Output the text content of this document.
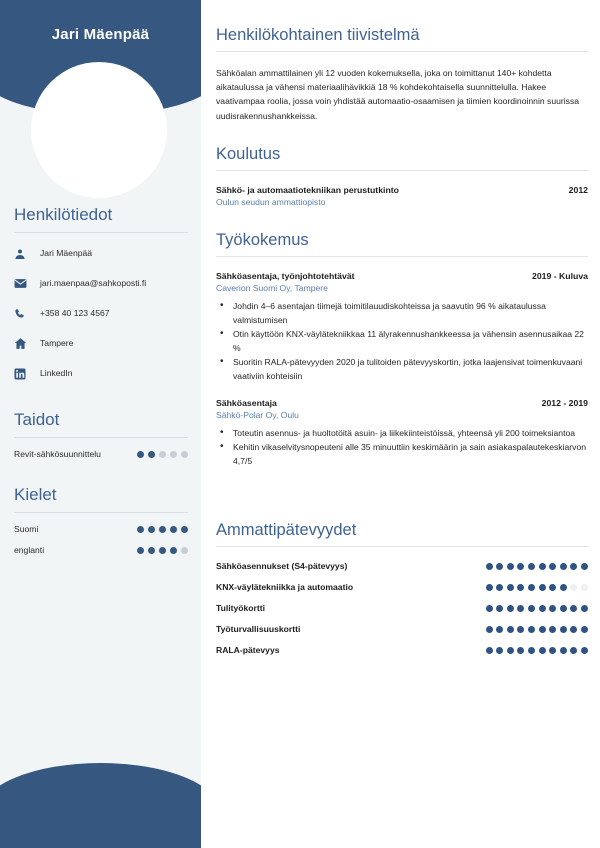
Jari Mäenpää
Henkilötiedot
Jari Mäenpää
jari.maenpaa@sahkoposti.fi
+358 40 123 4567
Tampere
LinkedIn
Taidot
Revit-sähkösuunnittelu
Kielet
Suomi
englanti
Henkilökohtainen tiivistelmä

Sähköalan ammattilainen yli 12 vuoden kokemuksella, joka on toimittanut 140+ kohdetta aikataulussa ja vähensi materiaalihävikkiä 18 % kohdekohtaisella suunnittelulla. Hakee vaativampaa roolia, jossa voin yhdistää automaatio-osaamisen ja tiimien koordinoinnin suurissa uudisrakennushankkeissa.

Koulutus
Sähkö- ja automaatiotekniikan perustutkinto	2012
Oulun seudun ammattiopisto
Työkokemus
Sähköasentaja, työnjohtotehtävät	2019 - Kuluva
Caverion Suomi Oy, Tampere
• Johdin 4–6 asentajan tiimejä toimitilauudiskohteissa ja saavutin 96 % aikataulussa valmistumisen
• Otin käyttöön KNX-väylätekniikkaa 11 älyrakennushankkeessa ja vähensin asennusaikaa 22 %
• Suoritin RALA-pätevyyden 2020 ja tulitoiden pätevyyskortin, jotka laajensivat toimenkuvaani vaativiin kohteisiin
Sähköasentaja	2012 - 2019
Sähkö-Polar Oy, Oulu
• Toteutin asennus- ja huoltotöitä asuin- ja liikekiinteistöissä, yhteensä yli 200 toimeksiantoa
• Kehitin vikaselvitysnopeuteni alle 35 minuuttiin keskimäärin ja sain asiakaspalautekeskiarvon 4,7/5
Ammattipätevyydet
Sähköasennukset (S4-pätevyys)
KNX-väylätekniikka ja automaatio
Tulityökortti
Työturvallisuuskortti
RALA-pätevyys
